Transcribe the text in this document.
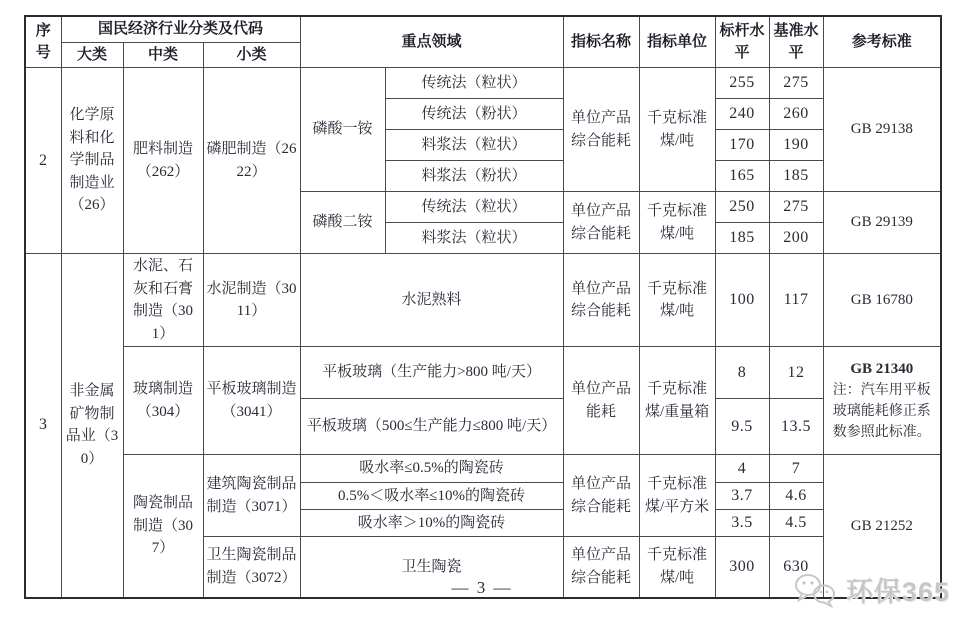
序号	国民经济行业分类及代码			重点领域		指标名称	指标单位	标杆水平	基准水平	参考标准
	大类	中类	小类							
2	化学原料和化学制品制造业（26）	肥料制造（262）	磷肥制造（2622）	磷酸一铵	传统法（粒状）	单位产品综合能耗	千克标准煤/吨	255	275	GB 29138
					传统法（粉状）			240	260	
					料浆法（粒状）			170	190	
					料浆法（粉状）			165	185	
				磷酸二铵	传统法（粒状）	单位产品综合能耗	千克标准煤/吨	250	275	GB 29139
					料浆法（粒状）			185	200	
3	非金属矿物制品业（30）	水泥、石灰和石膏制造（301）	水泥制造（3011）	水泥熟料		单位产品综合能耗	千克标准煤/吨	100	117	GB 16780
		玻璃制造（304）	平板玻璃制造（3041）	平板玻璃（生产能力>800 吨/天）		单位产品能耗	千克标准煤/重量箱	8	12	GB 21340
注：汽车用平板玻璃能耗修正系数参照此标准。

				平板玻璃（500≤生产能力≤800 吨/天）				9.5	13.5	
		陶瓷制品制造（307）	建筑陶瓷制品制造（3071）	吸水率≤0.5%的陶瓷砖		单位产品综合能耗	千克标准煤/平方米	4	7	GB 21252
				0.5%＜吸水率≤10%的陶瓷砖				3.7	4.6	
				吸水率＞10%的陶瓷砖				3.5	4.5	
			卫生陶瓷制品制造（3072）	卫生陶瓷		单位产品综合能耗	千克标准煤/吨	300	630	
— 3 —	环保365
